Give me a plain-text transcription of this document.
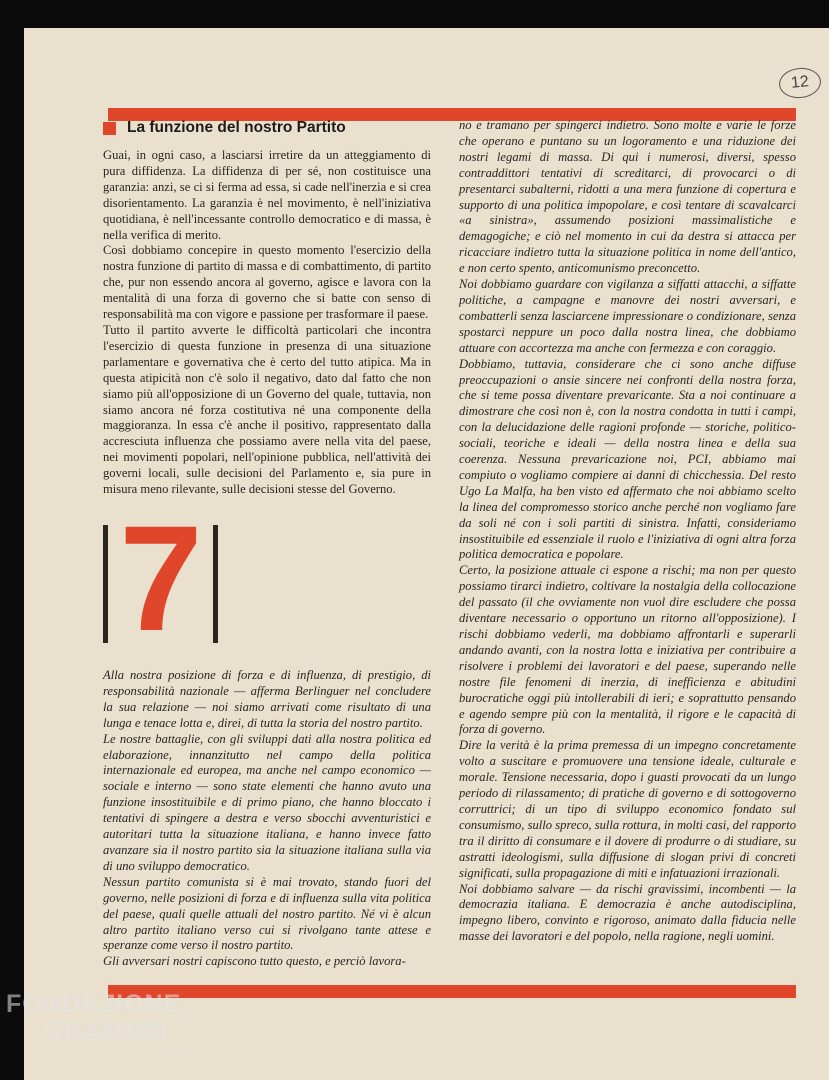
12
La funzione del nostro Partito

Guai, in ogni caso, a lasciarsi irretire da un atteggiamento di pura diffidenza. La diffidenza di per sé, non costituisce una garanzia: anzi, se ci si ferma ad essa, si cade nell'inerzia e si crea disorientamento. La garanzia è nel movimento, è nell'iniziativa quotidiana, è nell'incessante controllo democratico e di massa, è nella verifica di merito.

Così dobbiamo concepire in questo momento l'esercizio della nostra funzione di partito di massa e di combattimento, di partito che, pur non essendo ancora al governo, agisce e lavora con la mentalità di una forza di governo che si batte con senso di responsabilità ma con vigore e passione per trasformare il paese.

Tutto il partito avverte le difficoltà particolari che incontra l'esercizio di questa funzione in presenza di una situazione parlamentare e governativa che è certo del tutto atipica. Ma in questa atipicità non c'è solo il negativo, dato dal fatto che non siamo più all'opposizione di un Governo del quale, tuttavia, non siamo ancora né forza costitutiva né una componente della maggioranza. In essa c'è anche il positivo, rappresentato dalla accresciuta influenza che possiamo avere nella vita del paese, nei movimenti popolari, nell'opinione pubblica, nell'attività dei governi locali, sulle decisioni del Parlamento e, sia pure in misura meno rilevante, sulle decisioni stesse del Governo.

7

Alla nostra posizione di forza e di influenza, di prestigio, di responsabilità nazionale — afferma Berlinguer nel concludere la sua relazione — noi siamo arrivati come risultato di una lunga e tenace lotta e, direi, di tutta la storia del nostro partito.

Le nostre battaglie, con gli sviluppi dati alla nostra politica ed elaborazione, innanzitutto nel campo della politica internazionale ed europea, ma anche nel campo economico — sociale e interno — sono state elementi che hanno avuto una funzione insostituibile e di primo piano, che hanno bloccato i tentativi di spingere a destra e verso sbocchi avventuristici e autoritari tutta la situazione italiana, e hanno invece fatto avanzare sia il nostro partito sia la situazione italiana sulla via di uno sviluppo democratico.

Nessun partito comunista si è mai trovato, stando fuori del governo, nelle posizioni di forza e di influenza sulla vita politica del paese, quali quelle attuali del nostro partito. Né vi è alcun altro partito italiano verso cui si rivolgano tante attese e speranze come verso il nostro partito.

Gli avversari nostri capiscono tutto questo, e perciò lavora-

no e tramano per spingerci indietro. Sono molte e varie le forze che operano e puntano su un logoramento e una riduzione dei nostri legami di massa. Di qui i numerosi, diversi, spesso contraddittori tentativi di screditarci, di provocarci o di presentarci subalterni, ridotti a una mera funzione di copertura e supporto di una politica impopolare, e così tentare di scavalcarci «a sinistra», assumendo posizioni massimalistiche e demagogiche; e ciò nel momento in cui da destra si attacca per ricacciare indietro tutta la situazione politica in nome dell'antico, e non certo spento, anticomunismo preconcetto.

Noi dobbiamo guardare con vigilanza a siffatti attacchi, a siffatte politiche, a campagne e manovre dei nostri avversari, e combatterli senza lasciarcene impressionare o condizionare, senza spostarci neppure un poco dalla nostra linea, che dobbiamo attuare con accortezza ma anche con fermezza e con coraggio.

Dobbiamo, tuttavia, considerare che ci sono anche diffuse preoccupazioni o ansie sincere nei confronti della nostra forza, che si teme possa diventare prevaricante. Sta a noi continuare a dimostrare che così non è, con la nostra condotta in tutti i campi, con la delucidazione delle ragioni profonde — storiche, politico-sociali, teoriche e ideali — della nostra linea e della sua coerenza. Nessuna prevaricazione noi, PCI, abbiamo mai compiuto o vogliamo compiere ai danni di chicchessia. Del resto Ugo La Malfa, ha ben visto ed affermato che noi abbiamo scelto la linea del compromesso storico anche perché non vogliamo fare da soli né con i soli partiti di sinistra. Infatti, consideriamo insostituibile ed essenziale il ruolo e l'iniziativa di ogni altra forza politica democratica e popolare.

Certo, la posizione attuale ci espone a rischi; ma non per questo possiamo tirarci indietro, coltivare la nostalgia della collocazione del passato (il che ovviamente non vuol dire escludere che possa diventare necessario o opportuno un ritorno all'opposizione). I rischi dobbiamo vederli, ma dobbiamo affrontarli e superarli andando avanti, con la nostra lotta e iniziativa per contribuire a risolvere i problemi dei lavoratori e del paese, superando nelle nostre file fenomeni di inerzia, di inefficienza e abitudini burocratiche oggi più intollerabili di ieri; e soprattutto pensando e agendo sempre più con la mentalità, il rigore e le capacità di forza di governo.

Dire la verità è la prima premessa di un impegno concretamente volto a suscitare e promuovere una tensione ideale, culturale e morale. Tensione necessaria, dopo i guasti provocati da un lungo periodo di rilassamento; di pratiche di governo e di sottogoverno corruttrici; di un tipo di sviluppo economico fondato sul consumismo, sullo spreco, sulla rottura, in molti casi, del rapporto tra il diritto di consumare e il dovere di produrre o di studiare, su astratti ideologismi, sulla diffusione di slogan privi di concreti significati, sulla propagazione di miti e infatuazioni irrazionali.

Noi dobbiamo salvare — da rischi gravissimi, incombenti — la democrazia italiana. E democrazia è anche autodisciplina, impegno libero, convinto e rigoroso, animato dalla fiducia nelle masse dei lavoratori e del popolo, nella ragione, negli uomini.

FONDAZIONE
GRAMSCI
onlus
